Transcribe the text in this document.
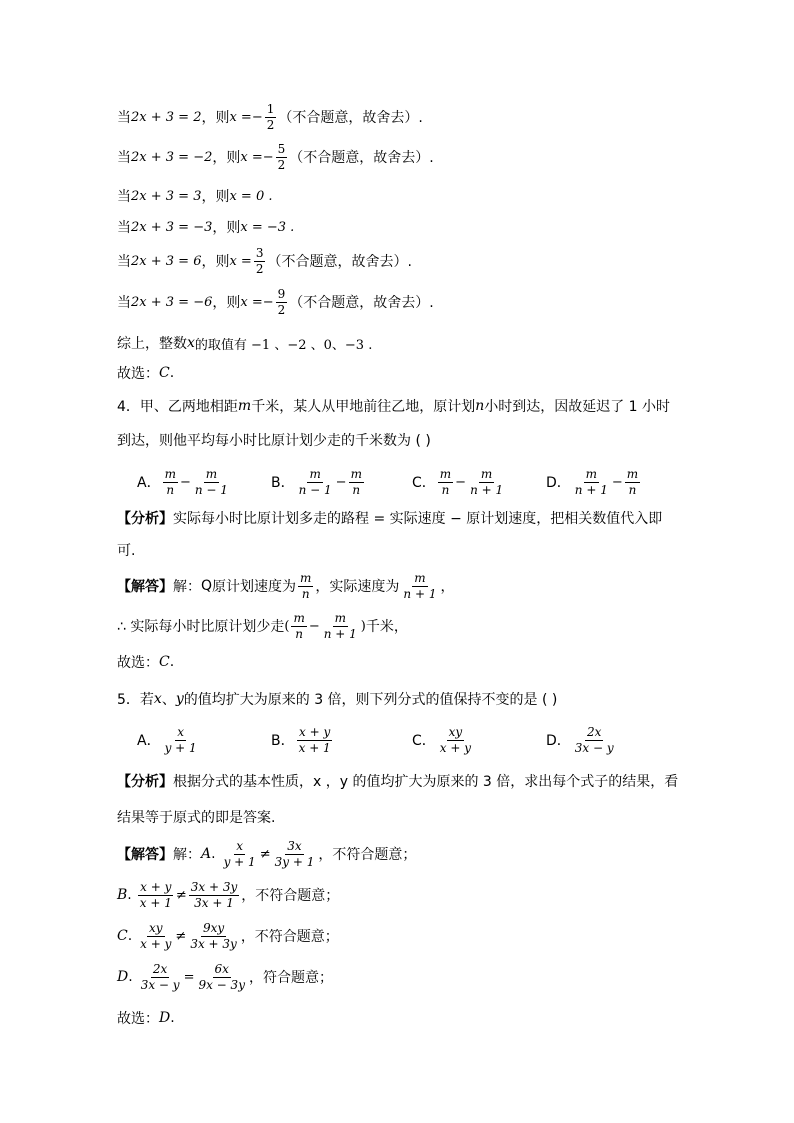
当 2x + 3 = 2 ，则 x = − $\frac{1}{2}$ （不合题意，故舍去）.
当 2x + 3 = −2 ，则 x = − $\frac{5}{2}$ （不合题意，故舍去）.
当 2x + 3 = 3 ，则 x = 0 .
当 2x + 3 = −3 ，则 x = −3 .
当 2x + 3 = 6 ，则 $x = \frac{3}{2}$ （不合题意，故舍去）.
当 2x + 3 = −6 ，则 x = − $\frac{9}{2}$ （不合题意，故舍去）.
综上，整数 x 的取值有 −1 、−2 、0、−3 .
故选： C .
4．甲、乙两地相距 m 千米，某人从甲地前往乙地，原计划 n 小时到达，因故延迟了 1 小时
到达，则他平均每小时比原计划少走的千米数为 ( )
A． $\frac{m}{n} - \frac{m}{n - 1}$	B． $\frac{m}{n - 1} - \frac{m}{n}$	C． $\frac{m}{n} - \frac{m}{n + 1}$	D． $\frac{m}{n + 1} - \frac{m}{n}$
【分析】 实际每小时比原计划多走的路程 = 实际速度 − 原计划速度，把相关数值代入即
可.
【解答】 解： Q 原计划速度为 $\frac{m}{n}$ ，实际速度为 $\frac{m}{n + 1}$ ，
∴ 实际每小时比原计划少走 ( $\frac{m}{n} - \frac{m}{n + 1}$ ) 千米，
故选： C .
5．若 x 、 y 的值均扩大为原来的 3 倍，则下列分式的值保持不变的是 ( )
A． $\frac{x}{y + 1}$	B． $\frac{x + y}{x + 1}$	C． $\frac{xy}{x + y}$	D． $\frac{2x}{3x - y}$
【分析】 根据分式的基本性质，x ，y 的值均扩大为原来的 3 倍，求出每个式子的结果，看
结果等于原式的即是答案.
【解答】 解： A . $\frac{x}{y + 1} \ne \frac{3x}{3y + 1}$ ，不符合题意；
B . $\frac{x + y}{x + 1} \ne \frac{3x + 3y}{3x + 1}$ ，不符合题意；
C . $\frac{xy}{x + y} \ne \frac{9xy}{3x + 3y}$ ，不符合题意；
D . $\frac{2x}{3x - y} = \frac{6x}{9x - 3y}$ ，符合题意；
故选： D .
